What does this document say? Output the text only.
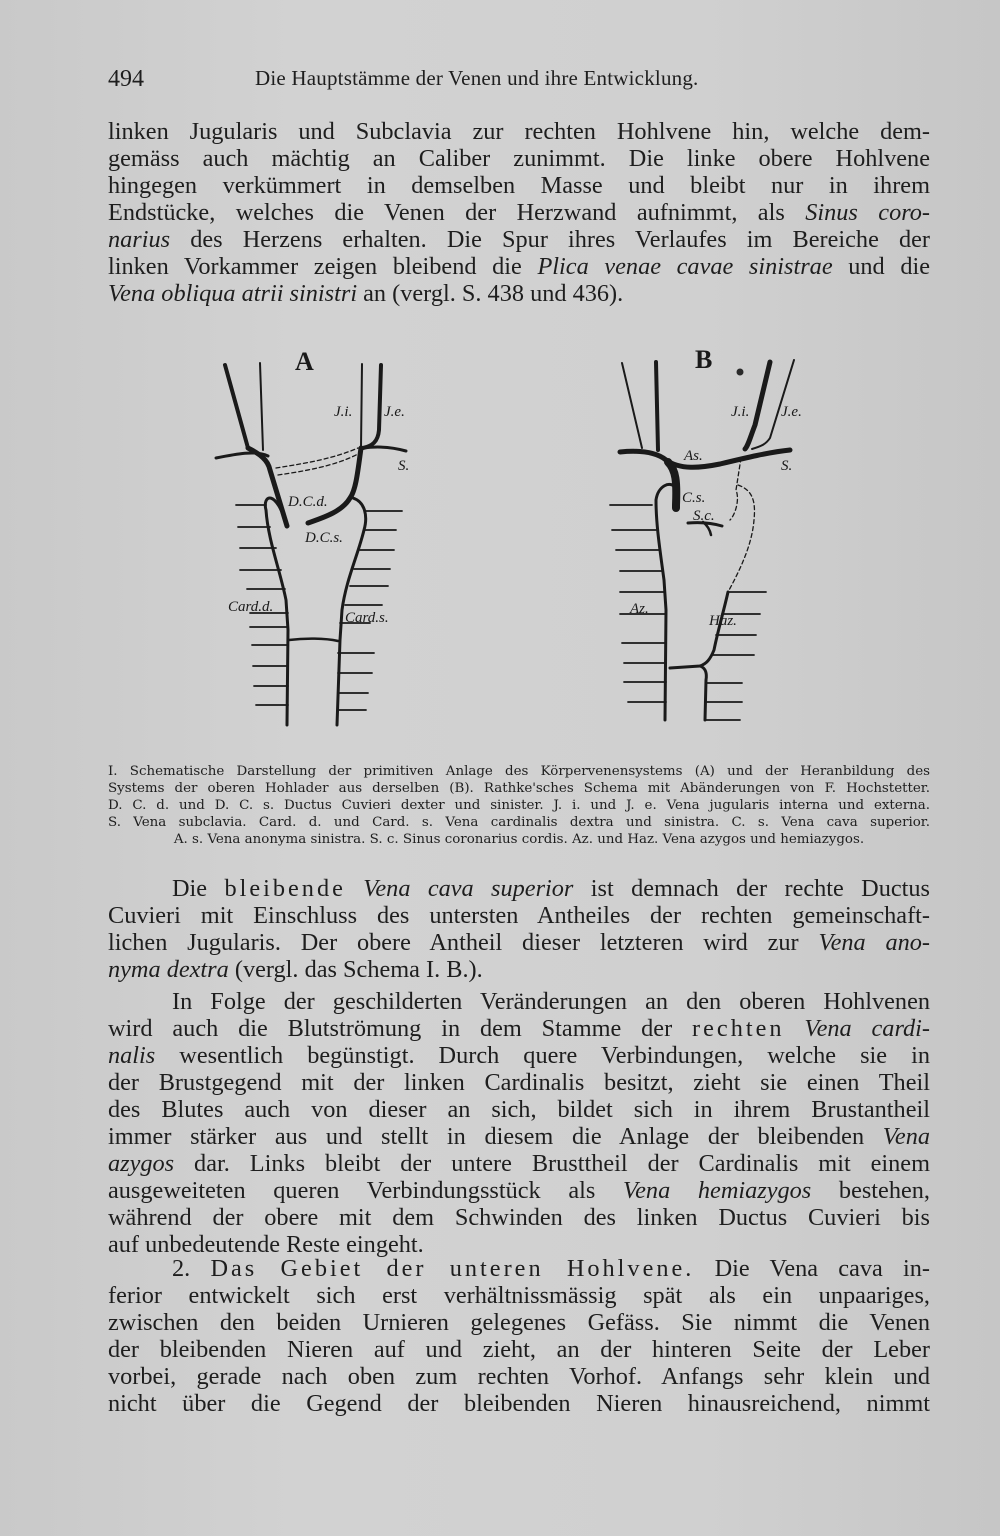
494	Die Hauptstämme der Venen und ihre Entwicklung.
linken Jugularis und Subclavia zur rechten Hohlvene hin, welche dem-
gemäss auch mächtig an Caliber zunimmt. Die linke obere Hohlvene
hingegen verkümmert in demselben Masse und bleibt nur in ihrem
Endstücke, welches die Venen der Herzwand aufnimmt, als Sinus coro-
narius des Herzens erhalten. Die Spur ihres Verlaufes im Bereiche der
linken Vorkammer zeigen bleibend die Plica venae cavae sinistrae und die
Vena obliqua atrii sinistri an (vergl. S. 438 und 436).
A
J.i. J.e.
S.
D.C.d.
D.C.s.
Card.d.
Card.s.
B
J.i. J.e.
As.
S.
C.s.
S.c.
Az.
Haz.
I. Schematische Darstellung der primitiven Anlage des Körpervenensystems (A) und der Heranbildung des
Systems der oberen Hohlader aus derselben (B). Rathke'sches Schema mit Abänderungen von F. Hochstetter.
D. C. d. und D. C. s. Ductus Cuvieri dexter und sinister. J. i. und J. e. Vena jugularis interna und externa.
S. Vena subclavia. Card. d. und Card. s. Vena cardinalis dextra und sinistra. C. s. Vena cava superior.
A. s. Vena anonyma sinistra. S. c. Sinus coronarius cordis. Az. und Haz. Vena azygos und hemiazygos.
Die bleibende Vena cava superior ist demnach der rechte Ductus
Cuvieri mit Einschluss des untersten Antheiles der rechten gemeinschaft-
lichen Jugularis. Der obere Antheil dieser letzteren wird zur Vena ano-
nyma dextra (vergl. das Schema I. B.).
In Folge der geschilderten Veränderungen an den oberen Hohlvenen
wird auch die Blutströmung in dem Stamme der rechten Vena cardi-
nalis wesentlich begünstigt. Durch quere Verbindungen, welche sie in
der Brustgegend mit der linken Cardinalis besitzt, zieht sie einen Theil
des Blutes auch von dieser an sich, bildet sich in ihrem Brustantheil
immer stärker aus und stellt in diesem die Anlage der bleibenden Vena
azygos dar. Links bleibt der untere Brusttheil der Cardinalis mit einem
ausgeweiteten queren Verbindungsstück als Vena hemiazygos bestehen,
während der obere mit dem Schwinden des linken Ductus Cuvieri bis
auf unbedeutende Reste eingeht.
2. Das Gebiet der unteren Hohlvene. Die Vena cava in-
ferior entwickelt sich erst verhältnissmässig spät als ein unpaariges,
zwischen den beiden Urnieren gelegenes Gefäss. Sie nimmt die Venen
der bleibenden Nieren auf und zieht, an der hinteren Seite der Leber
vorbei, gerade nach oben zum rechten Vorhof. Anfangs sehr klein und
nicht über die Gegend der bleibenden Nieren hinausreichend, nimmt
